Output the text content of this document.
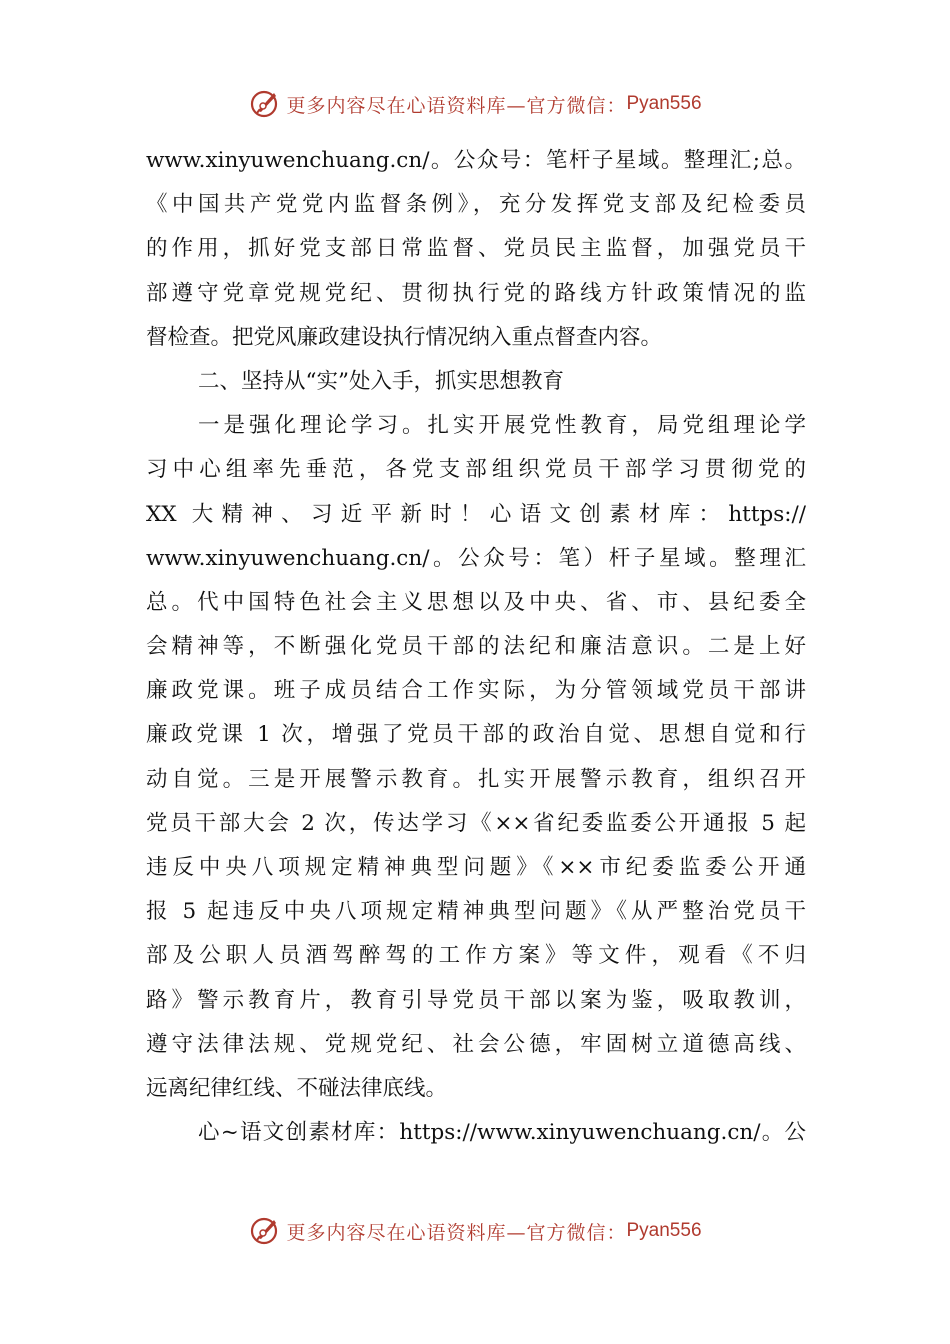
更多内容尽在心语资料库—官方微信： Pyan556
www.xinyuwenchuang.cn/。公众号：笔杆子星域。整理汇;总。
《中国共产党党内监督条例》，充分发挥党支部及纪检委员
的作用，抓好党支部日常监督、党员民主监督，加强党员干
部遵守党章党规党纪、贯彻执行党的路线方针政策情况的监
督检查。把党风廉政建设执行情况纳入重点督查内容。
二、坚持从“实”处入手，抓实思想教育
一是强化理论学习。扎实开展党性教育，局党组理论学
习中心组率先垂范，各党支部组织党员干部学习贯彻党的
XX 大精神、习近平新时！心语文创素材库：https://
www.xinyuwenchuang.cn/。公众号：笔）杆子星域。整理汇
总。代中国特色社会主义思想以及中央、省、市、县纪委全
会精神等，不断强化党员干部的法纪和廉洁意识。二是上好
廉政党课。班子成员结合工作实际，为分管领域党员干部讲
廉政党课 1 次，增强了党员干部的政治自觉、思想自觉和行
动自觉。三是开展警示教育。扎实开展警示教育，组织召开
党员干部大会 2 次，传达学习《××省纪委监委公开通报 5 起
违反中央八项规定精神典型问题》《××市纪委监委公开通
报 5 起违反中央八项规定精神典型问题》《从严整治党员干
部及公职人员酒驾醉驾的工作方案》等文件，观看《不归
路》警示教育片，教育引导党员干部以案为鉴，吸取教训，
遵守法律法规、党规党纪、社会公德，牢固树立道德高线、
远离纪律红线、不碰法律底线。
心~语文创素材库：https://www.xinyuwenchuang.cn/。公
更多内容尽在心语资料库—官方微信： Pyan556
